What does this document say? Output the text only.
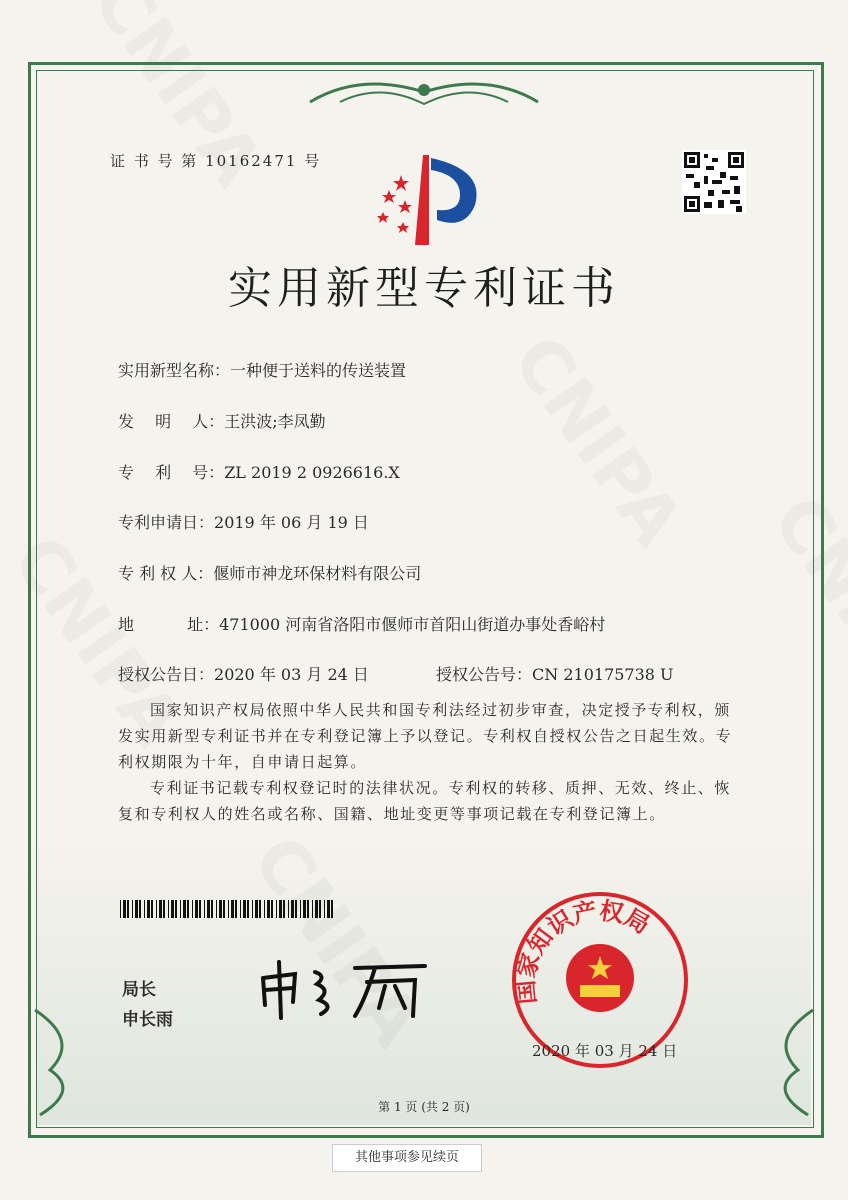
证 书 号 第 10162471 号
实用新型专利证书
实用新型名称：一种便于送料的传送装置
发　 明　 人：王洪波;李凤勤
专　 利　 号：ZL 2019 2 0926616.X
专利申请日：2019 年 06 月 19 日
专 利 权 人：偃师市神龙环保材料有限公司
地　　　 址：471000 河南省洛阳市偃师市首阳山街道办事处香峪村
授权公告日：2020 年 03 月 24 日	授权公告号：CN 210175738 U
国家知识产权局依照中华人民共和国专利法经过初步审查，决定授予专利权，颁发实用新型专利证书并在专利登记簿上予以登记。专利权自授权公告之日起生效。专利权期限为十年，自申请日起算。
专利证书记载专利权登记时的法律状况。专利权的转移、质押、无效、终止、恢复和专利权人的姓名或名称、国籍、地址变更等事项记载在专利登记簿上。
局长
申长雨
国家知识产权局
2020 年 03 月 24 日
第 1 页 (共 2 页)
其他事项参见续页
